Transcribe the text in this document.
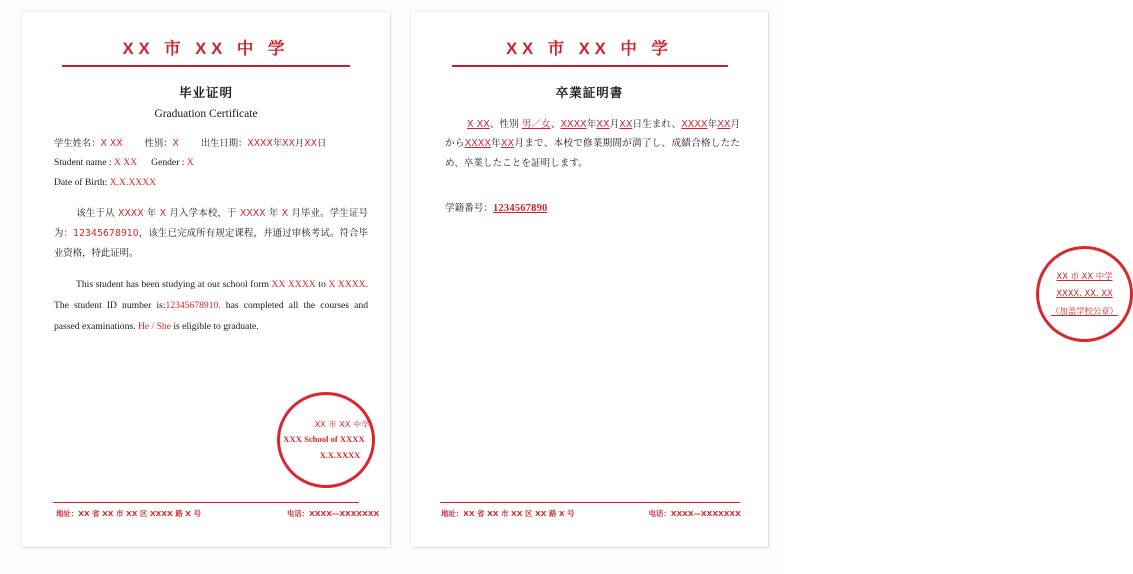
XX 市 XX 中 学
毕业证明
Graduation Certificate
学生姓名：X XX 性别：X 出生日期：XXXX年XX月XX日
Student name : X XX Gender : X
Date of Birth: X.X.XXXX
该生于从 XXXX 年 X 月入学本校，于 XXXX 年 X 月毕业。学生证号为：12345678910，该生已完成所有规定课程，并通过审核考试。符合毕业资格，特此证明。
This student has been studying at our school form XX XXXX to X XXXX. The student ID number is:12345678910. has completed all the courses and passed examinations. He / She is eligible to graduate.
XX 市 XX 中学
XXX School of XXXX
X.X.XXXX
地址：XX 省 XX 市 XX 区 XXXX 路 X 号	电话：XXXX—XXXXXXX
XX 市 XX 中 学
卒業証明書
X XX、性別 男／女、XXXX年XX月XX日生まれ、XXXX年XX月からXXXX年XX月まで、本校で修業期間が満了し、成績合格したため、卒業したことを証明します。
学籍番号：1234567890
XX 市 XX 中学
XXXX. XX. XX
（加盖学校公章）
地址：XX 省 XX 市 XX 区 XX 路 X 号	电话：XXXX—XXXXXXX
